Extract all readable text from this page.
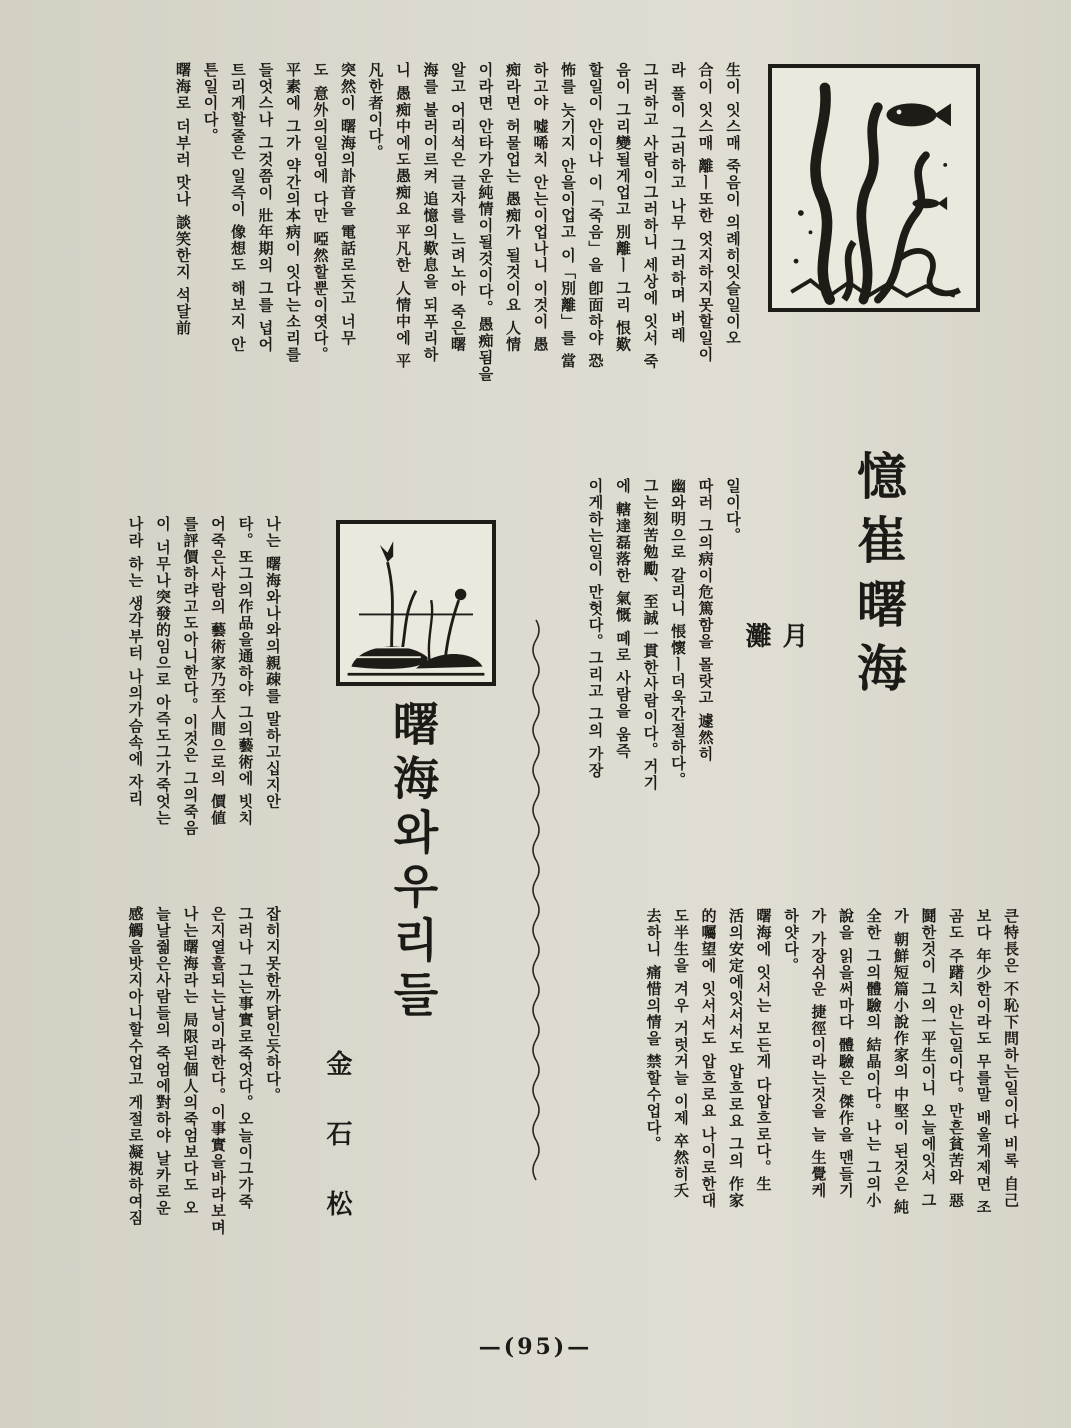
憶崔曙海
月灘

生이 잇스매 죽음이 의례히잇슬일이오

合이 잇스매 離ㅣ또한 엇지하지못할일이

라 풀이 그러하고 나무 그러하며 버레

그러하고 사람이그러하니 세상에 잇서 죽

음이 그리變될게업고 別離ㅣ 그리 恨歎

할일이 안이나 이「죽음」을 卽面하야 恐

怖를 늣기지 안을이업고 이「別離」를 當

하고야 嘘唏치 안는이업나니 이것이 愚

痴라면 허물업는 愚痴가 될것이요 人情

이라면 안타가운純情이될것이다。愚痴됨을

알고 어리석은 글자를 느려노아 죽은曙

海를 불러이르켜 追憶의歎息을 되푸리하

니 愚痴中에도愚痴요 平凡한 人情中에 平

凡한者이다。

突然이 曙海의訃音을 電話로듯고 너무

도 意外의일임에 다만 啞然할뿐이엿다。

平素에 그가 약간의本病이 잇다는소리를

들엇스나 그것쯤이 壯年期의 그를 넙어

트리게할줄은 일즉이 像想도 해보지 안

튼일이다。

曙海로 더부러 맛나 談笑한지 석달前

일이다。

따러 그의病이危篤함을 몰랏고 遽然히

幽와明으로 갈리니 悵懷ㅣ더욱간절하다。

그는刻苦勉勵、至誠一貫한사람이다。거기

에 轄達磊落한 氣慨 뗴로 사람을 움즉

이게하는일이 만헛다。그리고 그의 가장

큰特長은 不恥下問하는일이다 비록 自己

보다 年少한이라도 무를말 배울게제면 조

곰도 주躇치 안는일이다。만흔貧苦와 惡

鬪한것이 그의一平生이니 오늘에잇서 그

가 朝鮮短篇小說作家의 中堅이 된것은 純

全한 그의體驗의 結晶이다。나는 그의小

說을 읽을써마다 體驗은 傑作을 맨들기

가 가장쉬운 捷徑이라는것을 늘 生覺케

하얏다。

曙海에 잇서는 모든게 다압흐로다。生

活의安定에잇서서도 압흐로요 그의 作家

的囑望에 잇서서도 압흐로요 나이로한대

도半生을 겨우 거럿거늘 이제 卒然히夭

去하니 痛惜의情을 禁할수업다。

曙海와우리들
金石松

나는 曙海와나와의親疎를 말하고십지안

타。또그의作品을通하야 그의藝術에 빗치

어죽은사람의 藝術家乃至人間으로의 價値

를評價하랴고도아니한다。이것은 그의죽음

이 너무나突發的임으로 아즉도그가죽엇는

나라 하는 생각부터 나의가슴속에 자리

잡히지못한까닭인듯하다。

그러나 그는事實로죽엇다。오늘이그가죽

은지열흘되는날이라한다。이事實을바라보며

나는曙海라는 局限된個人의죽엄보다도 오

늘날줢은사람들의 죽엄에對하야 날카로운

感觸을밧지아니할수업고 게절로凝視하여짐

—(95)—
